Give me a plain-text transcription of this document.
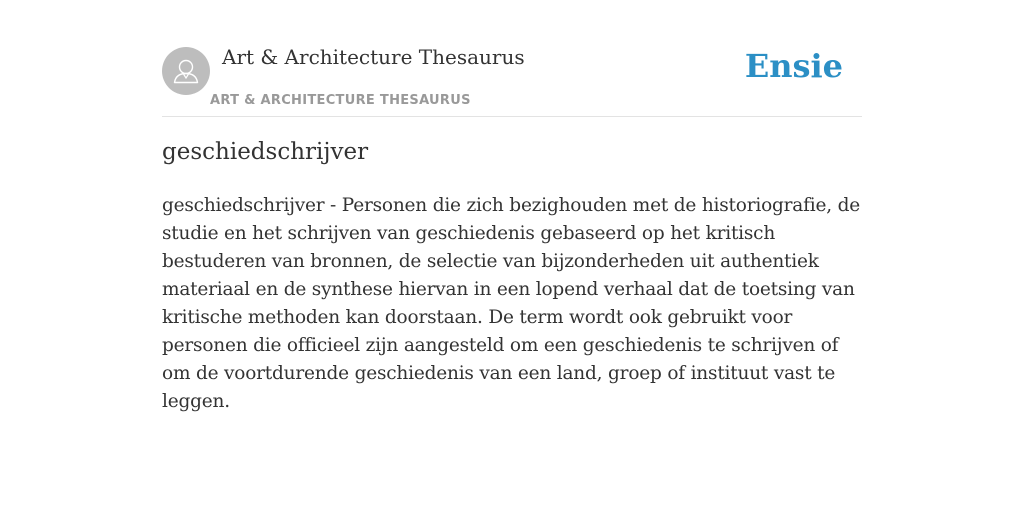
Art & Architecture Thesaurus
ART & ARCHITECTURE THESAURUS
Ensie
geschiedschrijver

geschiedschrijver - Personen die zich bezighouden met de historiografie, de studie en het schrijven van geschiedenis gebaseerd op het kritisch bestuderen van bronnen, de selectie van bijzonderheden uit authentiek materiaal en de synthese hiervan in een lopend verhaal dat de toetsing van kritische methoden kan doorstaan. De term wordt ook gebruikt voor personen die officieel zijn aangesteld om een geschiedenis te schrijven of om de voortdurende geschiedenis van een land, groep of instituut vast te leggen.
